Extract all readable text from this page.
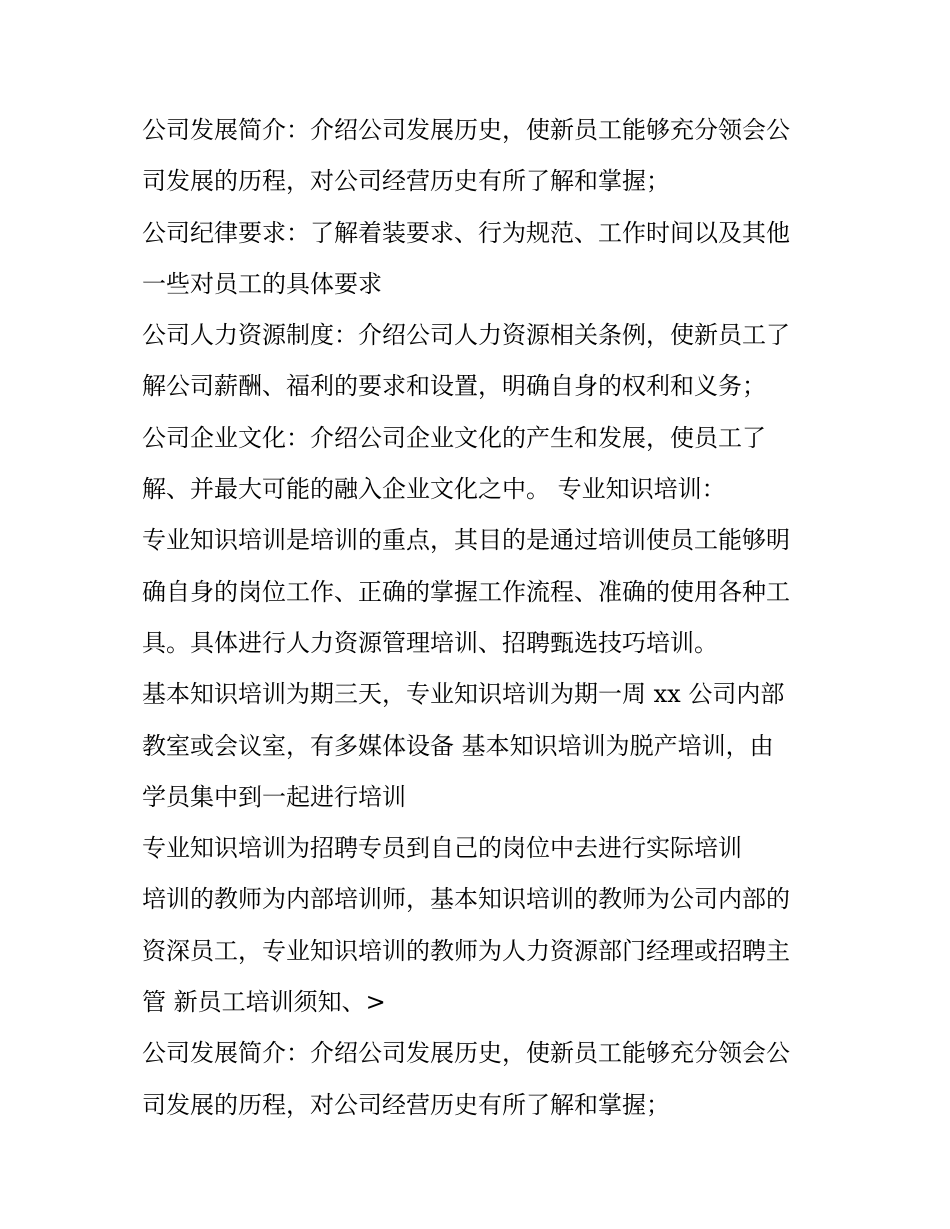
公司发展简介：介绍公司发展历史，使新员工能够充分领会公

司发展的历程，对公司经营历史有所了解和掌握；

公司纪律要求：了解着装要求、行为规范、工作时间以及其他

一些对员工的具体要求

公司人力资源制度：介绍公司人力资源相关条例，使新员工了

解公司薪酬、福利的要求和设置，明确自身的权利和义务；

公司企业文化：介绍公司企业文化的产生和发展，使员工了

解、并最大可能的融入企业文化之中。 专业知识培训：

专业知识培训是培训的重点，其目的是通过培训使员工能够明

确自身的岗位工作、正确的掌握工作流程、准确的使用各种工

具。具体进行人力资源管理培训、招聘甄选技巧培训。

基本知识培训为期三天，专业知识培训为期一周 xx 公司内部

教室或会议室，有多媒体设备 基本知识培训为脱产培训，由

学员集中到一起进行培训

专业知识培训为招聘专员到自己的岗位中去进行实际培训

培训的教师为内部培训师，基本知识培训的教师为公司内部的

资深员工，专业知识培训的教师为人力资源部门经理或招聘主

管 新员工培训须知、>

公司发展简介：介绍公司发展历史，使新员工能够充分领会公

司发展的历程，对公司经营历史有所了解和掌握；
